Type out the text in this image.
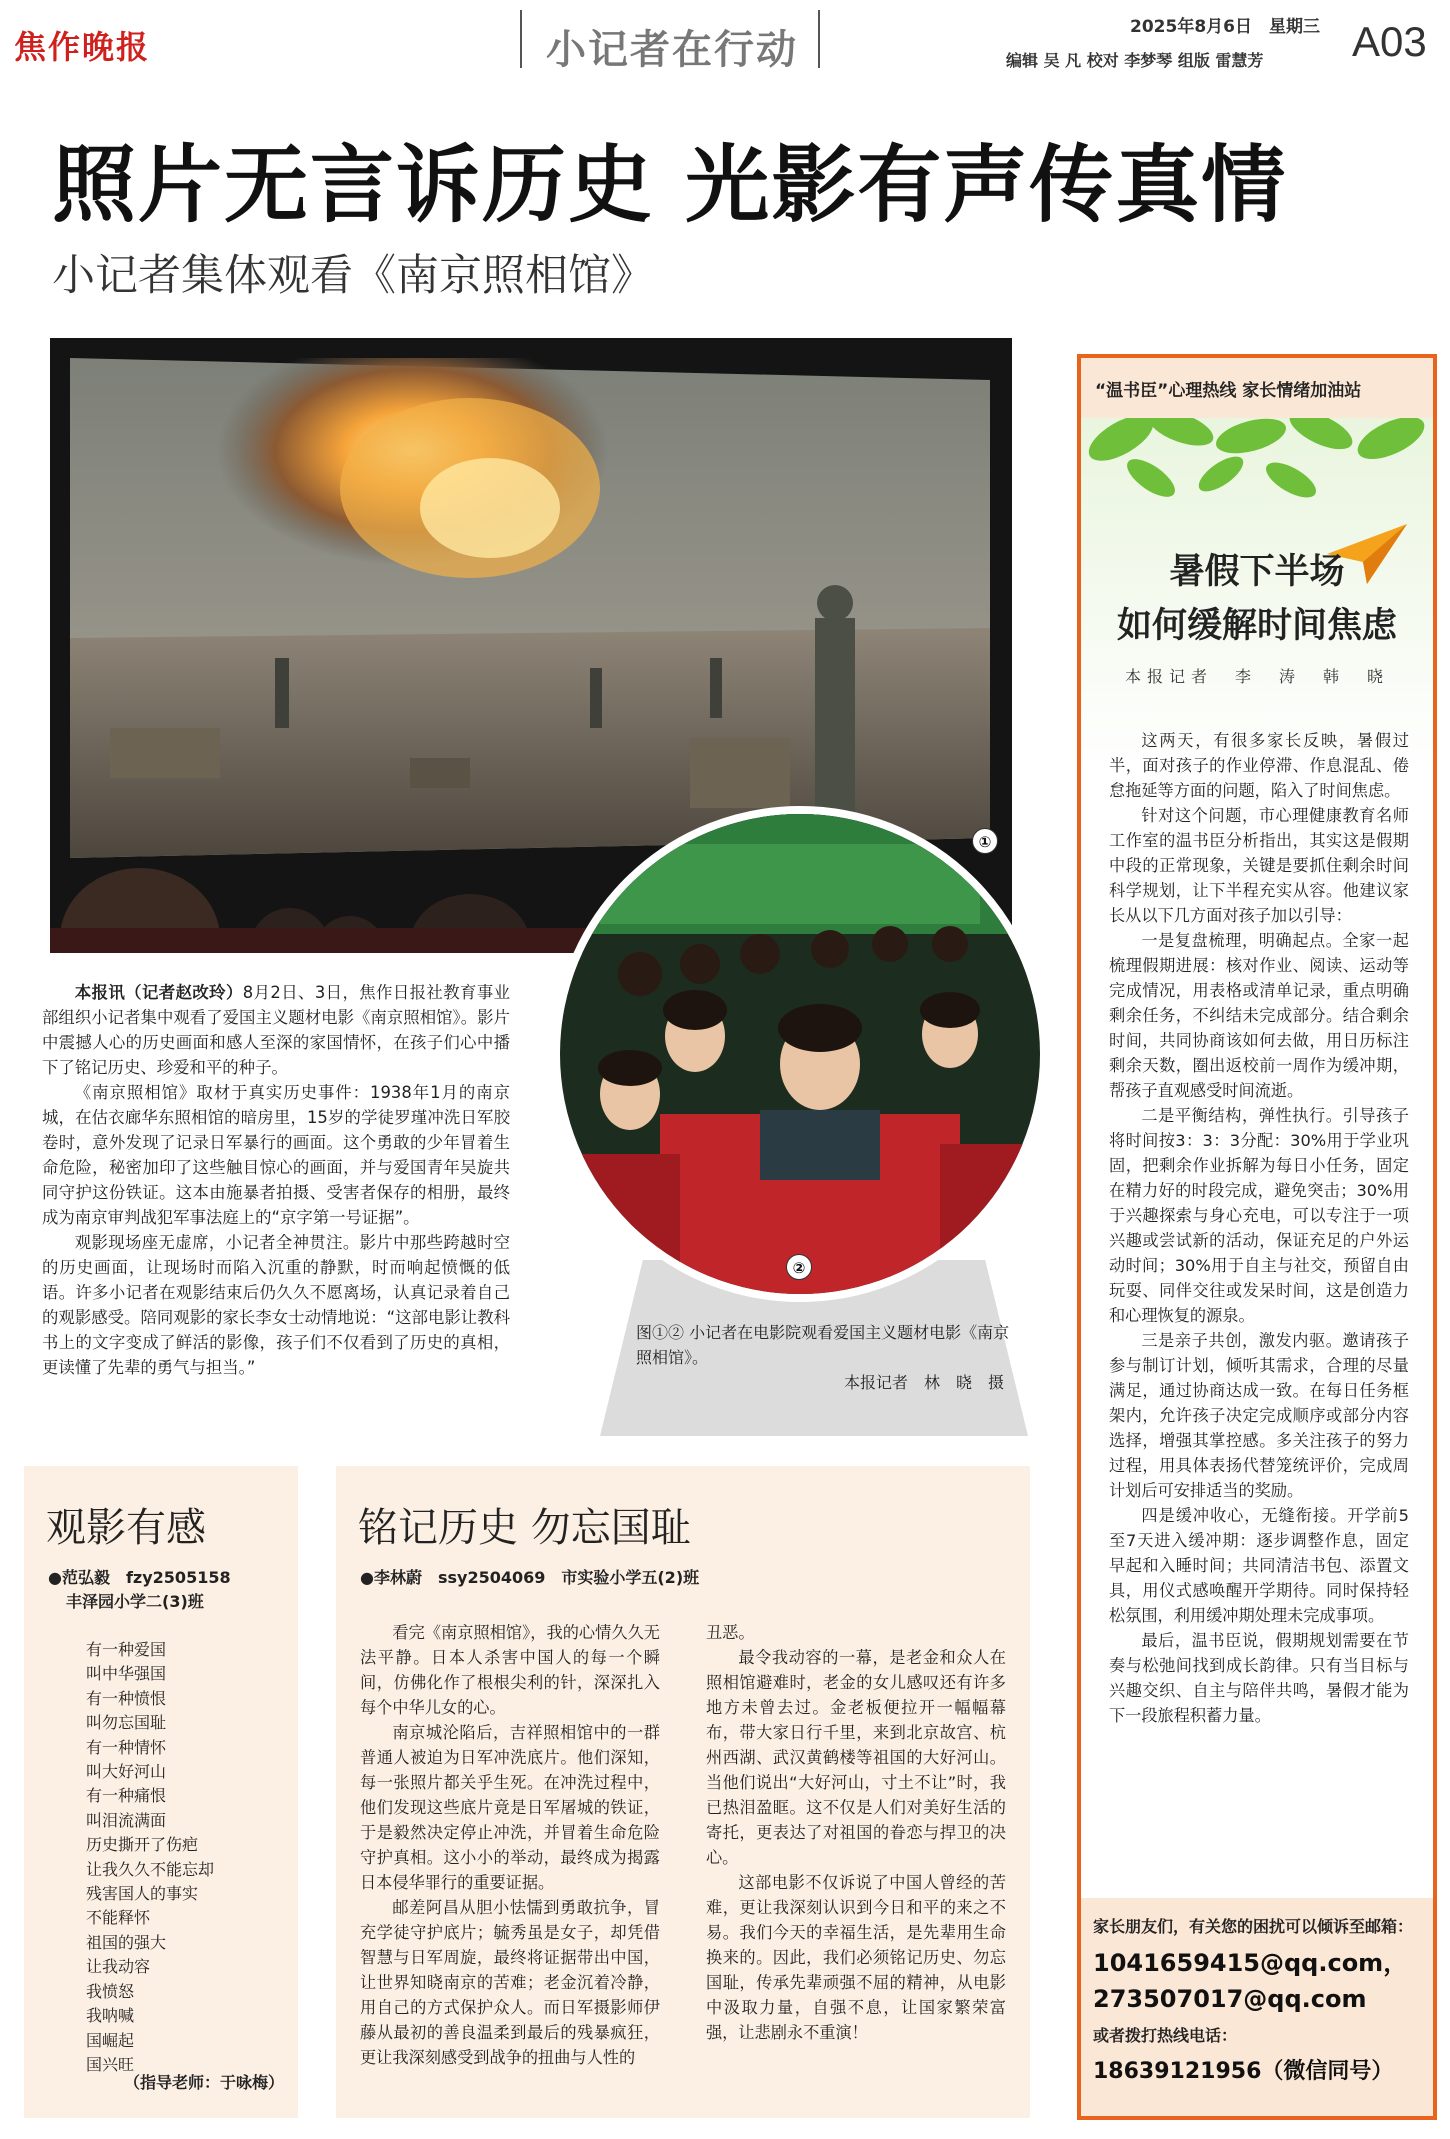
焦作晚报	小记者在行动	2025年8月6日　星期三
编辑 吴 凡 校对 李梦琴 组版 雷慧芳 A03
照片无言诉历史 光影有声传真情
小记者集体观看《南京照相馆》
①
图①② 小记者在电影院观看爱国主义题材电影《南京照相馆》。
本报记者　林　晓　摄
②

本报讯（记者赵改玲）8月2日、3日，焦作日报社教育事业部组织小记者集中观看了爱国主义题材电影《南京照相馆》。影片中震撼人心的历史画面和感人至深的家国情怀，在孩子们心中播下了铭记历史、珍爱和平的种子。

《南京照相馆》取材于真实历史事件：1938年1月的南京城，在估衣廊华东照相馆的暗房里，15岁的学徒罗瑾冲洗日军胶卷时，意外发现了记录日军暴行的画面。这个勇敢的少年冒着生命危险，秘密加印了这些触目惊心的画面，并与爱国青年吴旋共同守护这份铁证。这本由施暴者拍摄、受害者保存的相册，最终成为南京审判战犯军事法庭上的“京字第一号证据”。

观影现场座无虚席，小记者全神贯注。影片中那些跨越时空的历史画面，让现场时而陷入沉重的静默，时而响起愤慨的低语。许多小记者在观影结束后仍久久不愿离场，认真记录着自己的观影感受。陪同观影的家长李女士动情地说：“这部电影让教科书上的文字变成了鲜活的影像，孩子们不仅看到了历史的真相，更读懂了先辈的勇气与担当。”

观影有感
●范弘毅　fzy2505158
丰泽园小学二(3)班
有一种爱国
叫中华强国
有一种愤恨
叫勿忘国耻
有一种情怀
叫大好河山
有一种痛恨
叫泪流满面
历史撕开了伤疤
让我久久不能忘却
残害国人的事实
不能释怀
祖国的强大
让我动容
我愤怒
我呐喊
国崛起
国兴旺
（指导老师：于咏梅）
铭记历史 勿忘国耻
●李林蔚　ssy2504069　市实验小学五(2)班

看完《南京照相馆》，我的心情久久无法平静。日本人杀害中国人的每一个瞬间，仿佛化作了根根尖利的针，深深扎入每个中华儿女的心。

南京城沦陷后，吉祥照相馆中的一群普通人被迫为日军冲洗底片。他们深知，每一张照片都关乎生死。在冲洗过程中，他们发现这些底片竟是日军屠城的铁证，于是毅然决定停止冲洗，并冒着生命危险守护真相。这小小的举动，最终成为揭露日本侵华罪行的重要证据。

邮差阿昌从胆小怯懦到勇敢抗争，冒充学徒守护底片；毓秀虽是女子，却凭借智慧与日军周旋，最终将证据带出中国，让世界知晓南京的苦难；老金沉着冷静，用自己的方式保护众人。而日军摄影师伊藤从最初的善良温柔到最后的残暴疯狂，更让我深刻感受到战争的扭曲与人性的

丑恶。

最令我动容的一幕，是老金和众人在照相馆避难时，老金的女儿感叹还有许多地方未曾去过。金老板便拉开一幅幅幕布，带大家日行千里，来到北京故宫、杭州西湖、武汉黄鹤楼等祖国的大好河山。当他们说出“大好河山，寸土不让”时，我已热泪盈眶。这不仅是人们对美好生活的寄托，更表达了对祖国的眷恋与捍卫的决心。

这部电影不仅诉说了中国人曾经的苦难，更让我深刻认识到今日和平的来之不易。我们今天的幸福生活，是先辈用生命换来的。因此，我们必须铭记历史、勿忘国耻，传承先辈顽强不屈的精神，从电影中汲取力量，自强不息，让国家繁荣富强，让悲剧永不重演！

“温书臣”心理热线 家长情绪加油站
暑假下半场
如何缓解时间焦虑
本报记者　李　涛　韩　晓

这两天，有很多家长反映，暑假过半，面对孩子的作业停滞、作息混乱、倦怠拖延等方面的问题，陷入了时间焦虑。

针对这个问题，市心理健康教育名师工作室的温书臣分析指出，其实这是假期中段的正常现象，关键是要抓住剩余时间科学规划，让下半程充实从容。他建议家长从以下几方面对孩子加以引导：

一是复盘梳理，明确起点。全家一起梳理假期进展：核对作业、阅读、运动等完成情况，用表格或清单记录，重点明确剩余任务，不纠结未完成部分。结合剩余时间，共同协商该如何去做，用日历标注剩余天数，圈出返校前一周作为缓冲期，帮孩子直观感受时间流逝。

二是平衡结构，弹性执行。引导孩子将时间按3：3：3分配：30%用于学业巩固，把剩余作业拆解为每日小任务，固定在精力好的时段完成，避免突击；30%用于兴趣探索与身心充电，可以专注于一项兴趣或尝试新的活动，保证充足的户外运动时间；30%用于自主与社交，预留自由玩耍、同伴交往或发呆时间，这是创造力和心理恢复的源泉。

三是亲子共创，激发内驱。邀请孩子参与制订计划，倾听其需求，合理的尽量满足，通过协商达成一致。在每日任务框架内，允许孩子决定完成顺序或部分内容选择，增强其掌控感。多关注孩子的努力过程，用具体表扬代替笼统评价，完成周计划后可安排适当的奖励。

四是缓冲收心，无缝衔接。开学前5至7天进入缓冲期：逐步调整作息，固定早起和入睡时间；共同清洁书包、添置文具，用仪式感唤醒开学期待。同时保持轻松氛围，利用缓冲期处理未完成事项。

最后，温书臣说，假期规划需要在节奏与松弛间找到成长韵律。只有当目标与兴趣交织、自主与陪伴共鸣，暑假才能为下一段旅程积蓄力量。

家长朋友们，有关您的困扰可以倾诉至邮箱：
1041659415@qq.com，
273507017@qq.com
或者拨打热线电话：
18639121956（微信同号）
